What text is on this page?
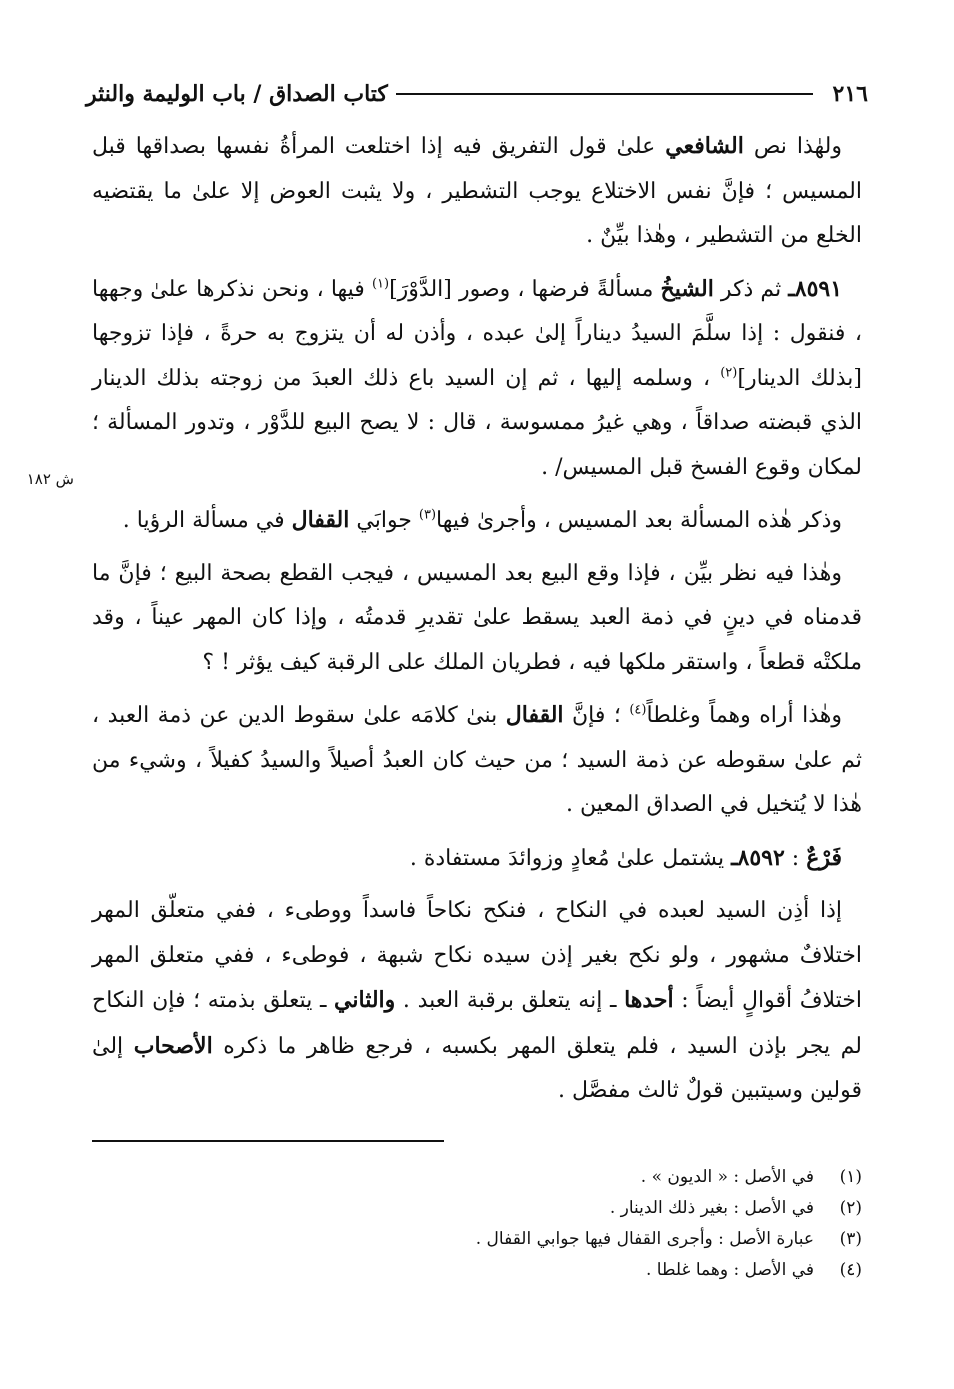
٢١٦
كتاب الصداق / باب الوليمة والنثر
ش ١٨٢

ولهٰذا نص الشافعي علىٰ قول التفريق فيه إذا اختلعت المرأةُ نفسها بصداقها قبل المسيس ؛ فإنَّ نفس الاختلاع يوجب التشطير ، ولا يثبت العوض إلا علىٰ ما يقتضيه الخلع من التشطير ، وهٰذا بيِّنٌ .

٨٥٩١ـ ثم ذكر الشيخُ مسألةً فرضها ، وصور [الدَّوْرَ]$^{(١)}$ فيها ، ونحن نذكرها علىٰ وجهها ، فنقول : إذا سلَّمَ السيدُ ديناراً إلىٰ عبده ، وأذن له أن يتزوج به حرةً ، فإذا تزوجها [بذلك الدينار]$^{(٢)}$ ، وسلمه إليها ، ثم إن السيد باع ذلك العبدَ من زوجته بذلك الدينار الذي قبضته صداقاً ، وهي غيرُ ممسوسة ، قال : لا يصح البيع للدَّوْر ، وتدور المسألة ؛ لمكان وقوع الفسخ قبل المسيس/ .

وذكر هٰذه المسألة بعد المسيس ، وأجرىٰ فيها$^{(٣)}$ جوابَي القفال في مسألة الرؤيا .

وهٰذا فيه نظر بيِّن ، فإذا وقع البيع بعد المسيس ، فيجب القطع بصحة البيع ؛ فإنَّ ما قدمناه في دينٍ في ذمة العبد يسقط علىٰ تقديرِ قدمتُه ، وإذا كان المهر عيناً ، وقد ملكتْه قطعاً ، واستقر ملكها فيه ، فطريان الملك على الرقبة كيف يؤثر ! ؟

وهٰذا أراه وهماً وغلطاً$^{(٤)}$ ؛ فإنَّ القفال بنىٰ كلامَه علىٰ سقوط الدين عن ذمة العبد ، ثم علىٰ سقوطه عن ذمة السيد ؛ من حيث كان العبدُ أصيلاً والسيدُ كفيلاً ، وشيء من هٰذا لا يُتخيل في الصداق المعين .

فَرْعٌ : ٨٥٩٢ـ يشتمل علىٰ مُعادٍ وزوائدَ مستفادة .

إذا أذِن السيد لعبده في النكاح ، فنكح نكاحاً فاسداً ووطىء ، ففي متعلّق المهر اختلافٌ مشهور ، ولو نكح بغير إذن سيده نكاح شبهة ، فوطىء ، ففي متعلق المهر اختلافُ أقوالٍ أيضاً : أحدها ـ إنه يتعلق برقبة العبد . والثاني ـ يتعلق بذمته ؛ فإن النكاح لم يجر بإذن السيد ، فلم يتعلق المهر بكسبه ، فرجع ظاهر ما ذكره الأصحاب إلىٰ قولين وسيتبين قولٌ ثالث مفصَّل .

(١)
في الأصل : « الديون » .
(٢)
في الأصل : بغير ذلك الدينار .
(٣)
عبارة الأصل : وأجرى القفال فيها جوابي القفال .
(٤)
في الأصل : وهما غلطا .
